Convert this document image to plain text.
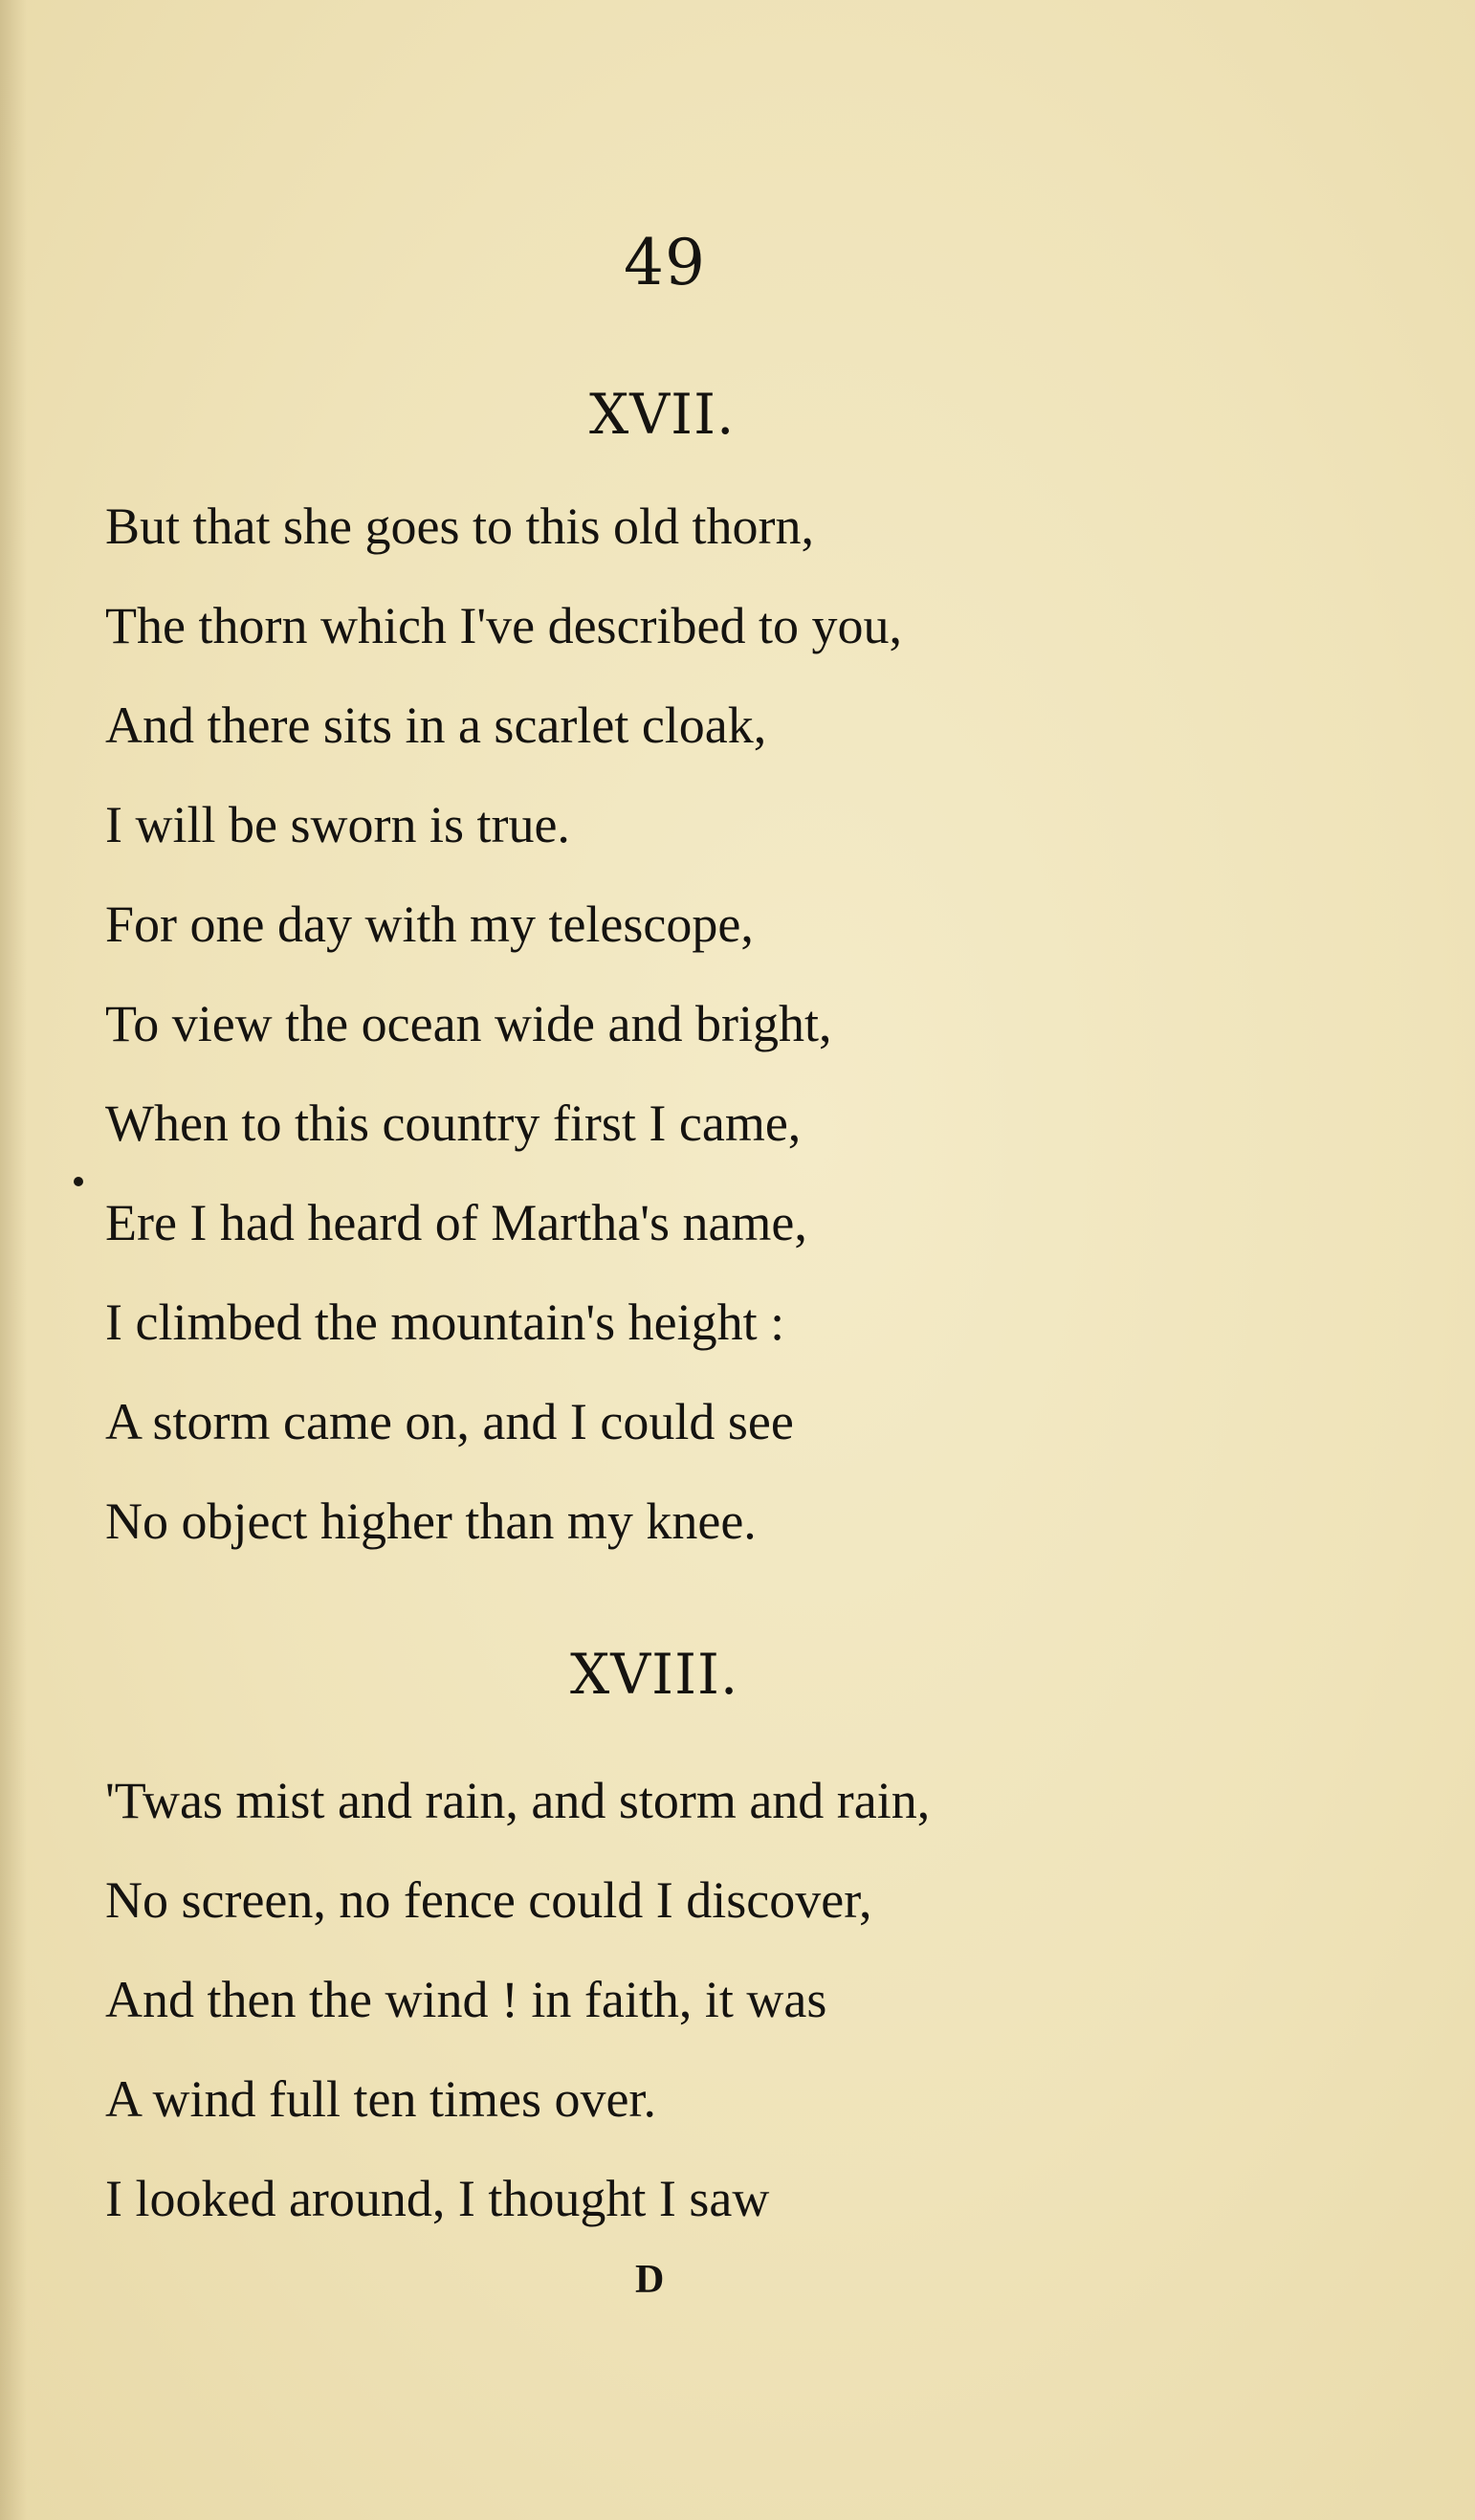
49
XVII.
But that she goes to this old thorn,
The thorn which I've described to you,
And there sits in a scarlet cloak,
I will be sworn is true.
For one day with my telescope,
To view the ocean wide and bright,
When to this country first I came,
Ere I had heard of Martha's name,
I climbed the mountain's height :
A storm came on, and I could see
No object higher than my knee.
XVIII.
'Twas mist and rain, and storm and rain,
No screen, no fence could I discover,
And then the wind ! in faith, it was
A wind full ten times over.
I looked around, I thought I saw
D
